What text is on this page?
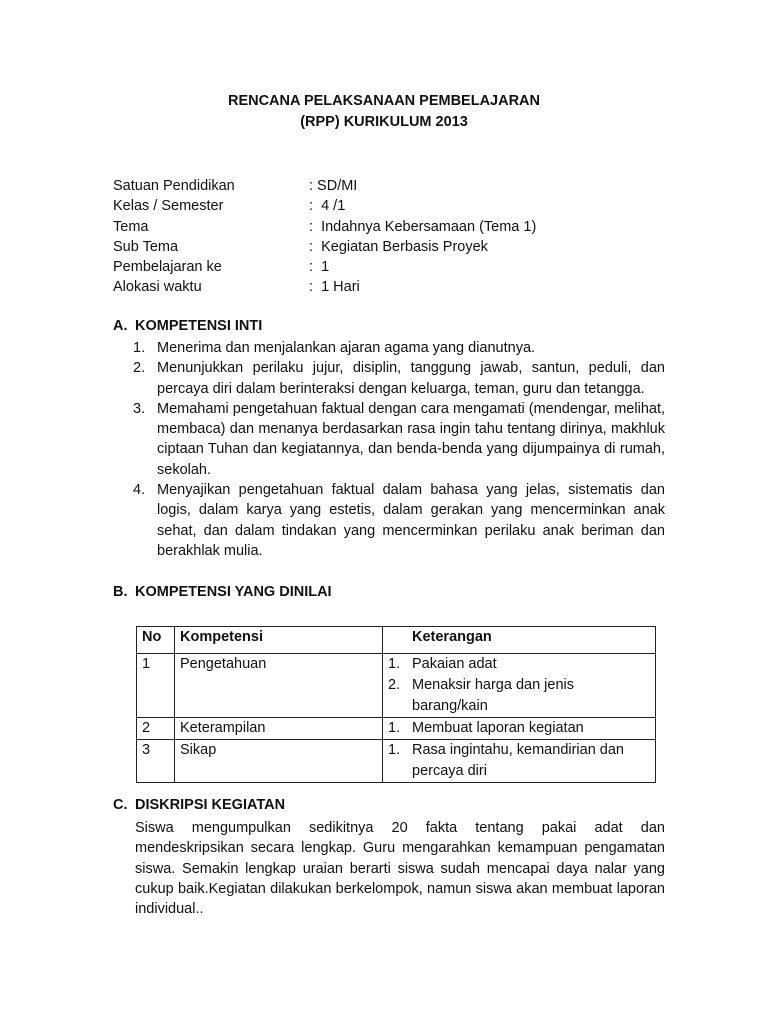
RENCANA PELAKSANAAN PEMBELAJARAN
(RPP) KURIKULUM 2013
Satuan Pendidikan	: SD/MI
Kelas / Semester	:  4 /1
Tema	:  Indahnya Kebersamaan (Tema 1)
Sub Tema	:  Kegiatan Berbasis Proyek
Pembelajaran ke	:  1
Alokasi waktu	:  1 Hari
A. KOMPETENSI INTI
1. Menerima dan menjalankan ajaran agama yang dianutnya.
2. Menunjukkan perilaku jujur, disiplin, tanggung jawab, santun, peduli, dan percaya diri dalam berinteraksi dengan keluarga, teman, guru dan tetangga.
3. Memahami pengetahuan faktual dengan cara mengamati (mendengar, melihat, membaca) dan menanya berdasarkan rasa ingin tahu tentang dirinya, makhluk ciptaan Tuhan dan kegiatannya, dan benda-benda yang dijumpainya di rumah, sekolah.
4. Menyajikan pengetahuan faktual dalam bahasa yang jelas, sistematis dan logis, dalam karya yang estetis, dalam gerakan yang mencerminkan anak sehat, dan dalam tindakan yang mencerminkan perilaku anak beriman dan berakhlak mulia.
B. KOMPETENSI YANG DINILAI
No	Kompetensi	Keterangan
1	Pengetahuan	1. Pakaian adat
2. Menaksir harga dan jenis barang/kain

2	Keterampilan	1. Membuat laporan kegiatan

3	Sikap	1. Rasa ingintahu, kemandirian dan percaya diri
C. DISKRIPSI KEGIATAN
Siswa mengumpulkan sedikitnya 20 fakta tentang pakai adat dan mendeskripsikan secara lengkap. Guru mengarahkan kemampuan pengamatan siswa. Semakin lengkap uraian berarti siswa sudah mencapai daya nalar yang cukup baik.Kegiatan dilakukan berkelompok, namun siswa akan membuat laporan individual..
